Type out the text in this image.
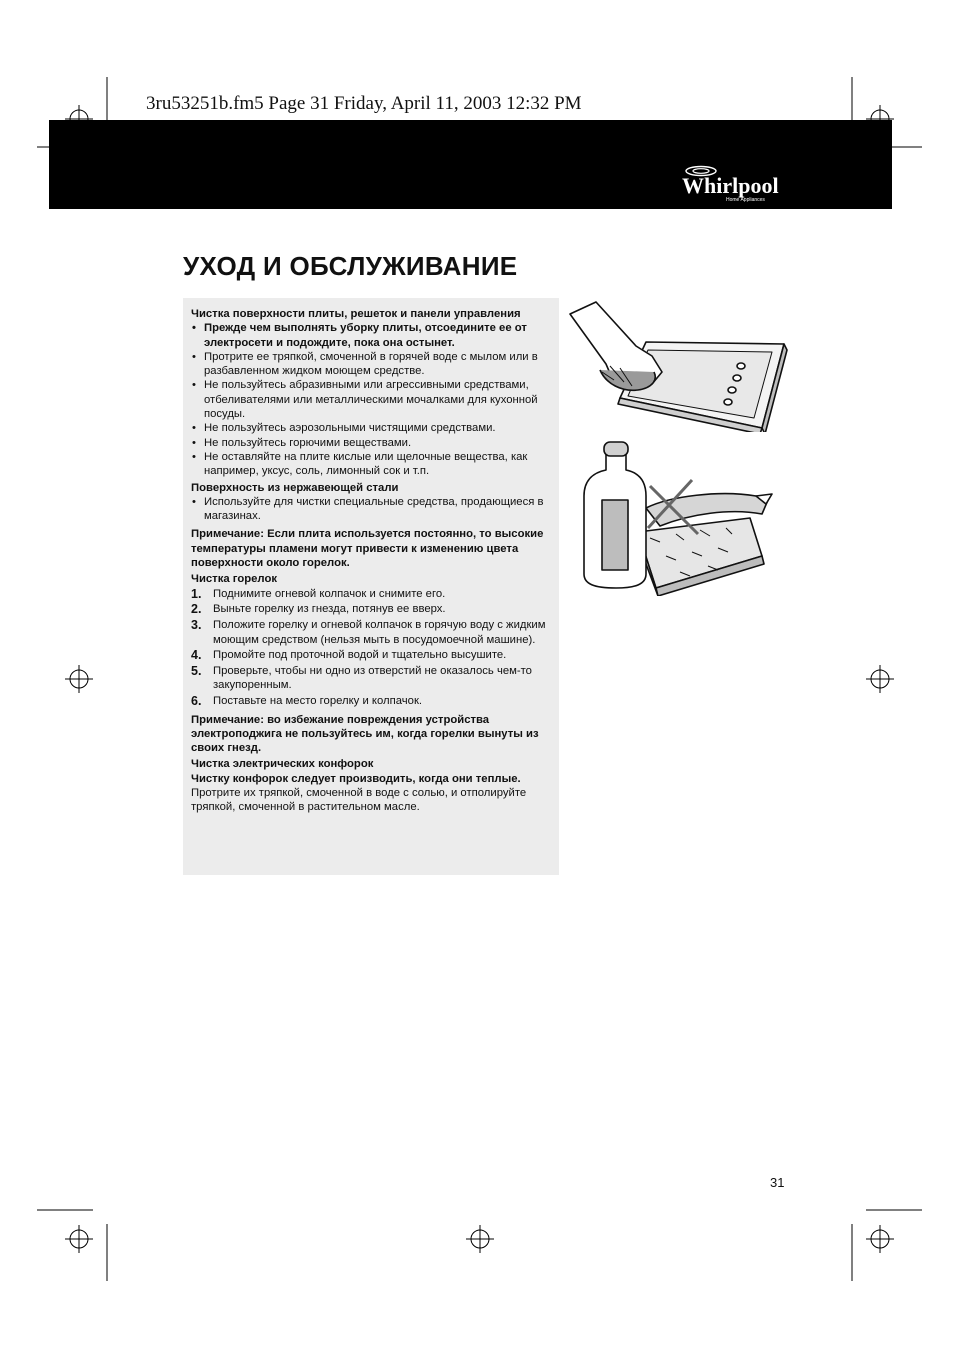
3ru53251b.fm5 Page 31 Friday, April 11, 2003 12:32 PM
Whirlpool
Home Appliances
УХОД И ОБСЛУЖИВАНИЕ

Чистка поверхности плиты, решеток и панели управления

• Прежде чем выполнять уборку плиты, отсоедините ее от электросети и подождите, пока она остынет.
• Протрите ее тряпкой, смоченной в горячей воде с мылом или в разбавленном жидком моющем средстве.
• Не пользуйтесь абразивными или агрессивными средствами, отбеливателями или металлическими мочалками для кухонной посуды.
• Не пользуйтесь аэрозольными чистящими средствами.
• Не пользуйтесь горючими веществами.
• Не оставляйте на плите кислые или щелочные вещества, как например, уксус, соль, лимонный сок и т.п.

Поверхность из нержавеющей стали

• Используйте для чистки специальные средства, продающиеся в магазинах.

Примечание: Если плита используется постоянно, то высокие температуры пламени могут привести к изменению цвета поверхности около горелок.

Чистка горелок

1. Поднимите огневой колпачок и снимите его.
2. Выньте горелку из гнезда, потянув ее вверх.
3. Положите горелку и огневой колпачок в горячую воду с жидким моющим средством (нельзя мыть в посудомоечной машине).
4. Промойте под проточной водой и тщательно высушите.
5. Проверьте, чтобы ни одно из отверстий не оказалось чем-то закупоренным.
6. Поставьте на место горелку и колпачок.

Примечание: во избежание повреждения устройства электроподжига не пользуйтесь им, когда горелки вынуты из своих гнезд.

Чистка электрических конфорок

Чистку конфорок следует производить, когда они теплые.

Протрите их тряпкой, смоченной в воде с солью, и отполируйте тряпкой, смоченной в растительном масле.

31
